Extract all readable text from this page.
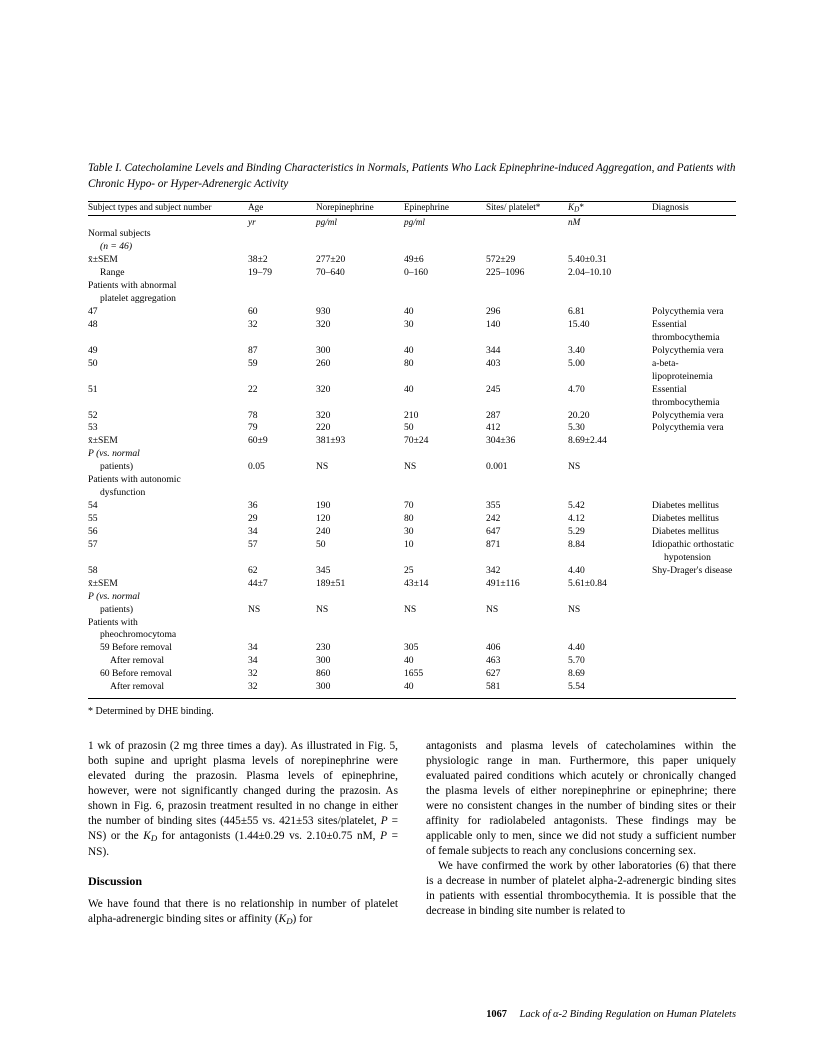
Table I. Catecholamine Levels and Binding Characteristics in Normals, Patients Who Lack Epinephrine-induced Aggregation, and Patients with Chronic Hypo- or Hyper-Adrenergic Activity

Subject types and subject number	Age	Norepinephrine	Epinephrine	Sites/ platelet*	$K_D*$	Diagnosis

	yr	pg/ml	pg/ml		nM	
Normal subjects						
(n = 46)						
x̄±SEM	38±2	277±20	49±6	572±29	5.40±0.31	
Range	19–79	70–640	0–160	225–1096	2.04–10.10	
Patients with abnormal						
platelet aggregation						
47	60	930	40	296	6.81	Polycythemia vera
48	32	320	30	140	15.40	Essential thrombocythemia
49	87	300	40	344	3.40	Polycythemia vera
50	59	260	80	403	5.00	a-beta-lipoproteinemia
51	22	320	40	245	4.70	Essential thrombocythemia
52	78	320	210	287	20.20	Polycythemia vera
53	79	220	50	412	5.30	Polycythemia vera
x̄±SEM	60±9	381±93	70±24	304±36	8.69±2.44	
P (vs. normal						
patients)	0.05	NS	NS	0.001	NS	
Patients with autonomic						
dysfunction						
54	36	190	70	355	5.42	Diabetes mellitus
55	29	120	80	242	4.12	Diabetes mellitus
56	34	240	30	647	5.29	Diabetes mellitus
57	57	50	10	871	8.84	Idiopathic orthostatic
						hypotension
58	62	345	25	342	4.40	Shy-Drager's disease
x̄±SEM	44±7	189±51	43±14	491±116	5.61±0.84	
P (vs. normal						
patients)	NS	NS	NS	NS	NS	
Patients with						
pheochromocytoma						
59 Before removal	34	230	305	406	4.40	
After removal	34	300	40	463	5.70	
60 Before removal	32	860	1655	627	8.69	
After removal	32	300	40	581	5.54	

* Determined by DHE binding.

1 wk of prazosin (2 mg three times a day). As illustrated in Fig. 5, both supine and upright plasma levels of norepinephrine were elevated during the prazosin. Plasma levels of epinephrine, however, were not significantly changed during the prazosin. As shown in Fig. 6, prazosin treatment resulted in no change in either the number of binding sites (445±55 vs. 421±53 sites/platelet, P = NS) or the $K_D$ for antagonists (1.44±0.29 vs. 2.10±0.75 nM, P = NS).

Discussion

We have found that there is no relationship in number of platelet alpha-adrenergic binding sites or affinity $(K_D)$ for

antagonists and plasma levels of catecholamines within the physiologic range in man. Furthermore, this paper uniquely evaluated paired conditions which acutely or chronically changed the plasma levels of either norepinephrine or epinephrine; there were no consistent changes in the number of binding sites or their affinity for radiolabeled antagonists. These findings may be applicable only to men, since we did not study a sufficient number of female subjects to reach any conclusions concerning sex.

We have confirmed the work by other laboratories (6) that there is a decrease in number of platelet alpha-2-adrenergic binding sites in patients with essential thrombocythemia. It is possible that the decrease in binding site number is related to

1067 Lack of α-2 Binding Regulation on Human Platelets
